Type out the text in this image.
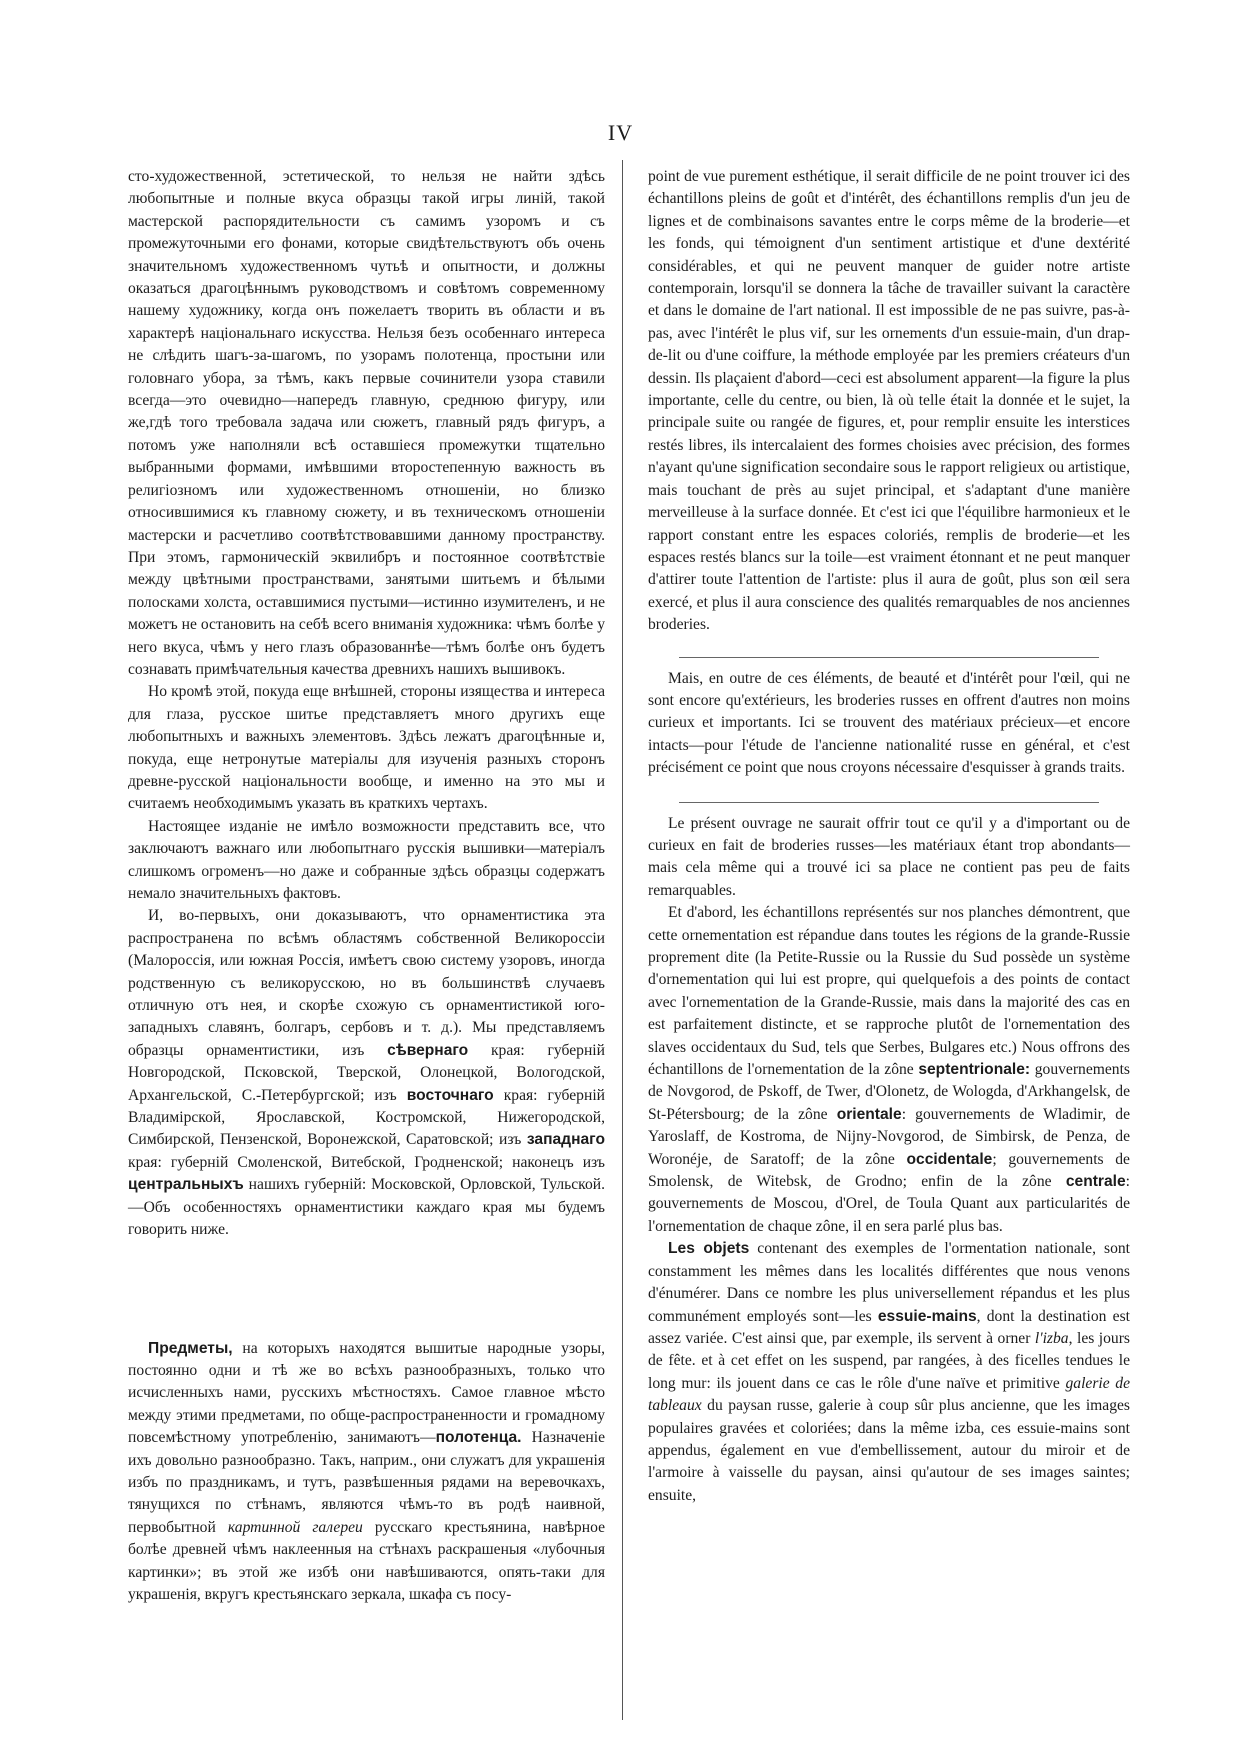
IV

сто-художественной, эстетической, то нельзя не найти здѣсь любопытные и полные вкуса образцы такой игры линій, такой мастерской распорядительности съ самимъ узоромъ и съ промежуточными его фонами, которые свидѣтельствуютъ объ очень значительномъ художественномъ чутьѣ и опытности, и должны оказаться драгоцѣннымъ руководствомъ и совѣтомъ современному нашему художнику, когда онъ пожелаетъ творить въ области и въ характерѣ національнаго искусства. Нельзя безъ особеннаго интереса не слѣдить шагъ-за-шагомъ, по узорамъ полотенца, простыни или головнаго убора, за тѣмъ, какъ первые сочинители узора ставили всегда—это очевидно—напередъ главную, среднюю фигуру, или же,гдѣ того требовала задача или сюжетъ, главный рядъ фигуръ, а потомъ уже наполняли всѣ оставшіеся промежутки тщательно выбранными формами, имѣвшими второстепенную важность въ религіозномъ или художественномъ отношеніи, но близко относившимися къ главному сюжету, и въ техническомъ отношеніи мастерски и расчетливо соотвѣтствовавшими данному пространству. При этомъ, гармоническій эквилибръ и постоянное соотвѣтствіе между цвѣтными пространствами, занятыми шитьемъ и бѣлыми полосками холста, оставшимися пустыми—истинно изумителенъ, и не можетъ не остановить на себѣ всего вниманія художника: чѣмъ болѣе у него вкуса, чѣмъ у него глазъ образованнѣе—тѣмъ болѣе онъ будетъ сознавать примѣчательныя качества древнихъ нашихъ вышивокъ.

Но кромѣ этой, покуда еще внѣшней, стороны изящества и интереса для глаза, русское шитье представляетъ много другихъ еще любопытныхъ и важныхъ элементовъ. Здѣсь лежатъ драгоцѣнные и, покуда, еще нетронутые матеріалы для изученія разныхъ сторонъ древне-русской національности вообще, и именно на это мы и считаемъ необходимымъ указать въ краткихъ чертахъ.

Настоящее изданіе не имѣло возможности представить все, что заключаютъ важнаго или любопытнаго русскія вышивки—матеріалъ слишкомъ огроменъ—но даже и собранные здѣсь образцы содержатъ немало значительныхъ фактовъ.

И, во-первыхъ, они доказываютъ, что орнаментистика эта распространена по всѣмъ областямъ собственной Великороссіи (Малороссія, или южная Россія, имѣетъ свою систему узоровъ, иногда родственную съ великорусскою, но въ большинствѣ случаевъ отличную отъ нея, и скорѣе схожую съ орнаментистикой юго-западныхъ славянъ, болгаръ, сербовъ и т. д.). Мы представляемъ образцы орнаментистики, изъ сѣвернаго края: губерній Новгородской, Псковской, Тверской, Олонецкой, Вологодской, Архангельской, С.-Петербургской; изъ восточнаго края: губерній Владимірской, Ярославской, Костромской, Нижегородской, Симбирской, Пензенской, Воронежской, Саратовской; изъ западнаго края: губерній Смоленской, Витебской, Гродненской; наконецъ изъ центральныхъ нашихъ губерній: Московской, Орловской, Тульской.—Объ особенностяхъ орнаментистики каждаго края мы будемъ говорить ниже.

Предметы, на которыхъ находятся вышитые народные узоры, постоянно одни и тѣ же во всѣхъ разнообразныхъ, только что исчисленныхъ нами, русскихъ мѣстностяхъ. Самое главное мѣсто между этими предметами, по обще-распространенности и громадному повсемѣстному употребленію, занимаютъ—полотенца. Назначеніе ихъ довольно разнообразно. Такъ, наприм., они служатъ для украшенія избъ по праздникамъ, и тутъ, развѣшенныя рядами на веревочкахъ, тянущихся по стѣнамъ, являются чѣмъ-то въ родѣ наивной, первобытной картинной галереи русскаго крестьянина, навѣрное болѣе древней чѣмъ наклеенныя на стѣнахъ раскрашеныя «лубочныя картинки»; въ этой же избѣ они навѣшиваются, опять-таки для украшенія, вкругъ крестьянскаго зеркала, шкафа съ посу-

point de vue purement esthétique, il serait difficile de ne point trouver ici des échantillons pleins de goût et d'intérêt, des échantillons remplis d'un jeu de lignes et de combinaisons savantes entre le corps même de la broderie—et les fonds, qui témoignent d'un sentiment artistique et d'une dextérité considérables, et qui ne peuvent manquer de guider notre artiste contemporain, lorsqu'il se donnera la tâche de travailler suivant la caractère et dans le domaine de l'art national. Il est impossible de ne pas suivre, pas-à-pas, avec l'intérêt le plus vif, sur les ornements d'un essuie-main, d'un drap-de-lit ou d'une coiffure, la méthode employée par les premiers créateurs d'un dessin. Ils plaçaient d'abord—ceci est absolument apparent—la figure la plus importante, celle du centre, ou bien, là où telle était la donnée et le sujet, la principale suite ou rangée de figures, et, pour remplir ensuite les interstices restés libres, ils intercalaient des formes choisies avec précision, des formes n'ayant qu'une signification secondaire sous le rapport religieux ou artistique, mais touchant de près au sujet principal, et s'adaptant d'une manière merveilleuse à la surface donnée. Et c'est ici que l'équilibre harmonieux et le rapport constant entre les espaces coloriés, remplis de broderie—et les espaces restés blancs sur la toile—est vraiment étonnant et ne peut manquer d'attirer toute l'attention de l'artiste: plus il aura de goût, plus son œil sera exercé, et plus il aura conscience des qualités remarquables de nos anciennes broderies.

Mais, en outre de ces éléments, de beauté et d'intérêt pour l'œil, qui ne sont encore qu'extérieurs, les broderies russes en offrent d'autres non moins curieux et importants. Ici se trouvent des matériaux précieux—et encore intacts—pour l'étude de l'ancienne nationalité russe en général, et c'est précisément ce point que nous croyons nécessaire d'esquisser à grands traits.

Le présent ouvrage ne saurait offrir tout ce qu'il y a d'important ou de curieux en fait de broderies russes—les matériaux étant trop abondants—mais cela même qui a trouvé ici sa place ne contient pas peu de faits remarquables.

Et d'abord, les échantillons représentés sur nos planches démontrent, que cette ornementation est répandue dans toutes les régions de la grande-Russie proprement dite (la Petite-Russie ou la Russie du Sud possède un système d'ornementation qui lui est propre, qui quelquefois a des points de contact avec l'ornementation de la Grande-Russie, mais dans la majorité des cas en est parfaitement distincte, et se rapproche plutôt de l'ornementation des slaves occidentaux du Sud, tels que Serbes, Bulgares etc.) Nous offrons des échantillons de l'ornementation de la zône septentrionale: gouvernements de Novgorod, de Pskoff, de Twer, d'Olonetz, de Wologda, d'Arkhangelsk, de St-Pétersbourg; de la zône orientale: gouvernements de Wladimir, de Yaroslaff, de Kostroma, de Nijny-Novgorod, de Simbirsk, de Penza, de Woronéje, de Saratoff; de la zône occidentale; gouvernements de Smolensk, de Witebsk, de Grodno; enfin de la zône centrale: gouvernements de Moscou, d'Orel, de Toula Quant aux particularités de l'ornementation de chaque zône, il en sera parlé plus bas.

Les objets contenant des exemples de l'ormentation nationale, sont constamment les mêmes dans les localités différentes que nous venons d'énumérer. Dans ce nombre les plus universellement répandus et les plus communément employés sont—les essuie-mains, dont la destination est assez variée. C'est ainsi que, par exemple, ils servent à orner l'izba, les jours de fête. et à cet effet on les suspend, par rangées, à des ficelles tendues le long mur: ils jouent dans ce cas le rôle d'une naïve et primitive galerie de tableaux du paysan russe, galerie à coup sûr plus ancienne, que les images populaires gravées et coloriées; dans la même izba, ces essuie-mains sont appendus, également en vue d'embellissement, autour du miroir et de l'armoire à vaisselle du paysan, ainsi qu'autour de ses images saintes; ensuite,
